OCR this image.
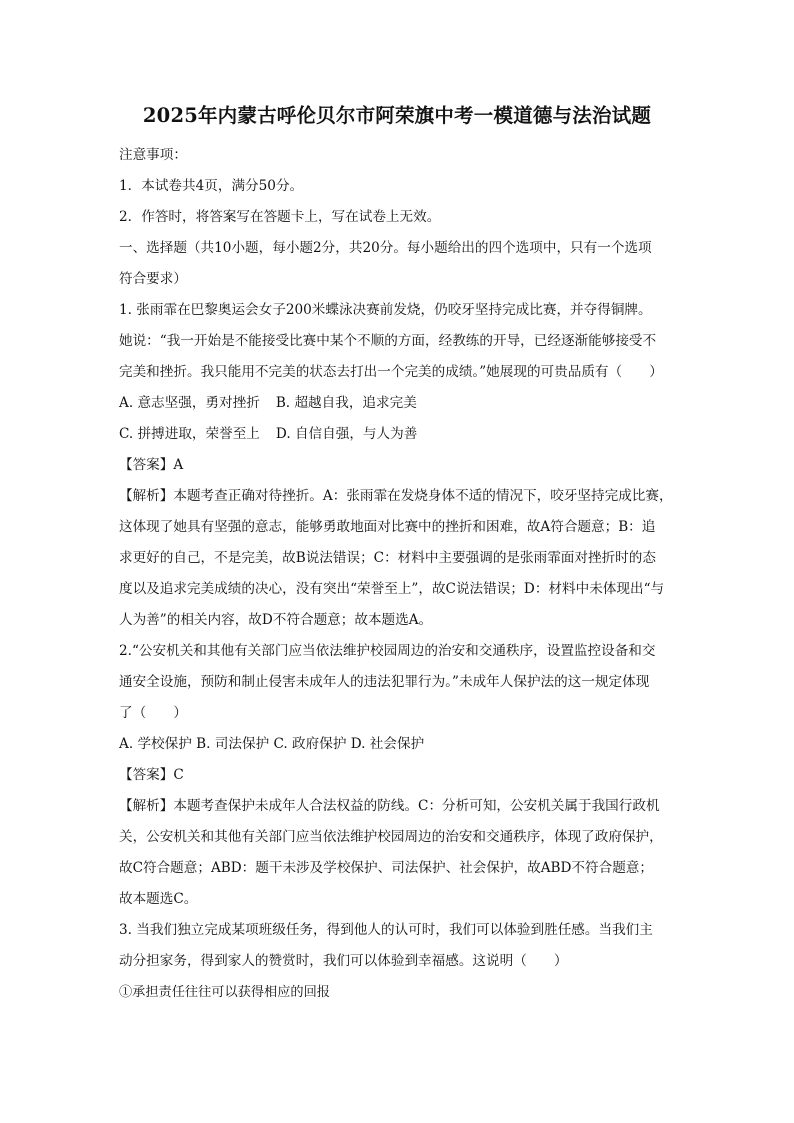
2025年内蒙古呼伦贝尔市阿荣旗中考一模道德与法治试题
注意事项：
1．本试卷共4页，满分50分。
2．作答时，将答案写在答题卡上，写在试卷上无效。
一、选择题（共10小题，每小题2分，共20分。每小题给出的四个选项中，只有一个选项
符合要求）
1. 张雨霏在巴黎奥运会女子200米蝶泳决赛前发烧，仍咬牙坚持完成比赛，并夺得铜牌。
她说：“我一开始是不能接受比赛中某个不顺的方面，经教练的开导，已经逐渐能够接受不
完美和挫折。我只能用不完美的状态去打出一个完美的成绩。”她展现的可贵品质有（　　）
A. 意志坚强，勇对挫折 B. 超越自我，追求完美
C. 拼搏进取，荣誉至上 D. 自信自强，与人为善
【答案】A
【解析】本题考查正确对待挫折。A：张雨霏在发烧身体不适的情况下，咬牙坚持完成比赛，
这体现了她具有坚强的意志，能够勇敢地面对比赛中的挫折和困难，故A符合题意；B：追
求更好的自己，不是完美，故B说法错误；C：材料中主要强调的是张雨霏面对挫折时的态
度以及追求完美成绩的决心，没有突出“荣誉至上”，故C说法错误；D：材料中未体现出“与
人为善”的相关内容，故D不符合题意；故本题选A。
2.“公安机关和其他有关部门应当依法维护校园周边的治安和交通秩序，设置监控设备和交
通安全设施，预防和制止侵害未成年人的违法犯罪行为。”未成年人保护法的这一规定体现
了（　　）
A. 学校保护 B. 司法保护 C. 政府保护 D. 社会保护
【答案】C
【解析】本题考查保护未成年人合法权益的防线。C：分析可知，公安机关属于我国行政机
关，公安机关和其他有关部门应当依法维护校园周边的治安和交通秩序，体现了政府保护，
故C符合题意；ABD：题干未涉及学校保护、司法保护、社会保护，故ABD不符合题意；
故本题选C。
3. 当我们独立完成某项班级任务，得到他人的认可时，我们可以体验到胜任感。当我们主
动分担家务，得到家人的赞赏时，我们可以体验到幸福感。这说明（　　）
①承担责任往往可以获得相应的回报
